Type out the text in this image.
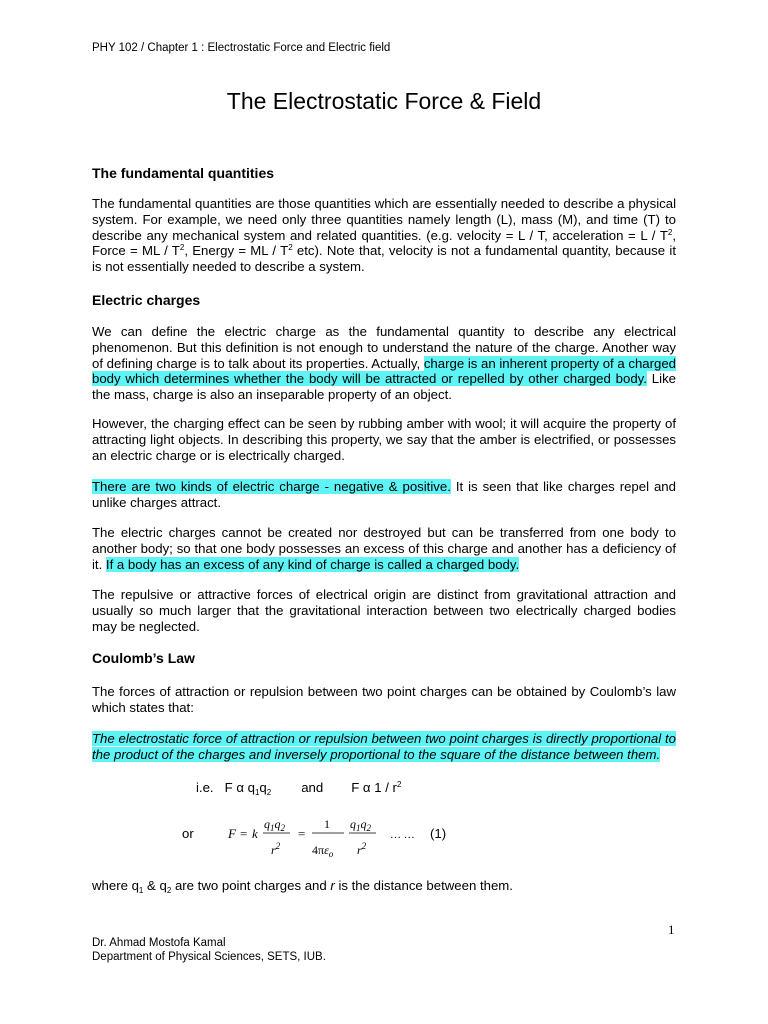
PHY 102 / Chapter 1 : Electrostatic Force and Electric field
The Electrostatic Force & Field
The fundamental quantities

The fundamental quantities are those quantities which are essentially needed to describe a physical system. For example, we need only three quantities namely length (L), mass (M), and time (T) to describe any mechanical system and related quantities. (e.g. velocity = L / T, acceleration = L / $T^2$, Force = ML / $T^2$, Energy = ML / $T^2$ etc). Note that, velocity is not a fundamental quantity, because it is not essentially needed to describe a system.

Electric charges

We can define the electric charge as the fundamental quantity to describe any electrical phenomenon. But this definition is not enough to understand the nature of the charge. Another way of defining charge is to talk about its properties. Actually, charge is an inherent property of a charged body which determines whether the body will be attracted or repelled by other charged body. Like the mass, charge is also an inseparable property of an object.

However, the charging effect can be seen by rubbing amber with wool; it will acquire the property of attracting light objects. In describing this property, we say that the amber is electrified, or possesses an electric charge or is electrically charged.

There are two kinds of electric charge - negative & positive. It is seen that like charges repel and unlike charges attract.

The electric charges cannot be created nor destroyed but can be transferred from one body to another body; so that one body possesses an excess of this charge and another has a deficiency of it. If a body has an excess of any kind of charge is called a charged body.

The repulsive or attractive forces of electrical origin are distinct from gravitational attraction and usually so much larger that the gravitational interaction between two electrically charged bodies may be neglected.

Coulomb’s Law

The forces of attraction or repulsion between two point charges can be obtained by Coulomb’s law which states that:

The electrostatic force of attraction or repulsion between two point charges is directly proportional to the product of the charges and inversely proportional to the square of the distance between them.

i.e. F α $q_1q_2$ and F α $1 / r^2$
or	F = k
$q_1q_2$
$r^2$
=
1
$4\pi\varepsilon_o$
$q_1q_2$
$r^2$
… … (1)
where $q_1$ & $q_2$ are two point charges and r is the distance between them.
1
Dr. Ahmad Mostofa Kamal
Department of Physical Sciences, SETS, IUB.
